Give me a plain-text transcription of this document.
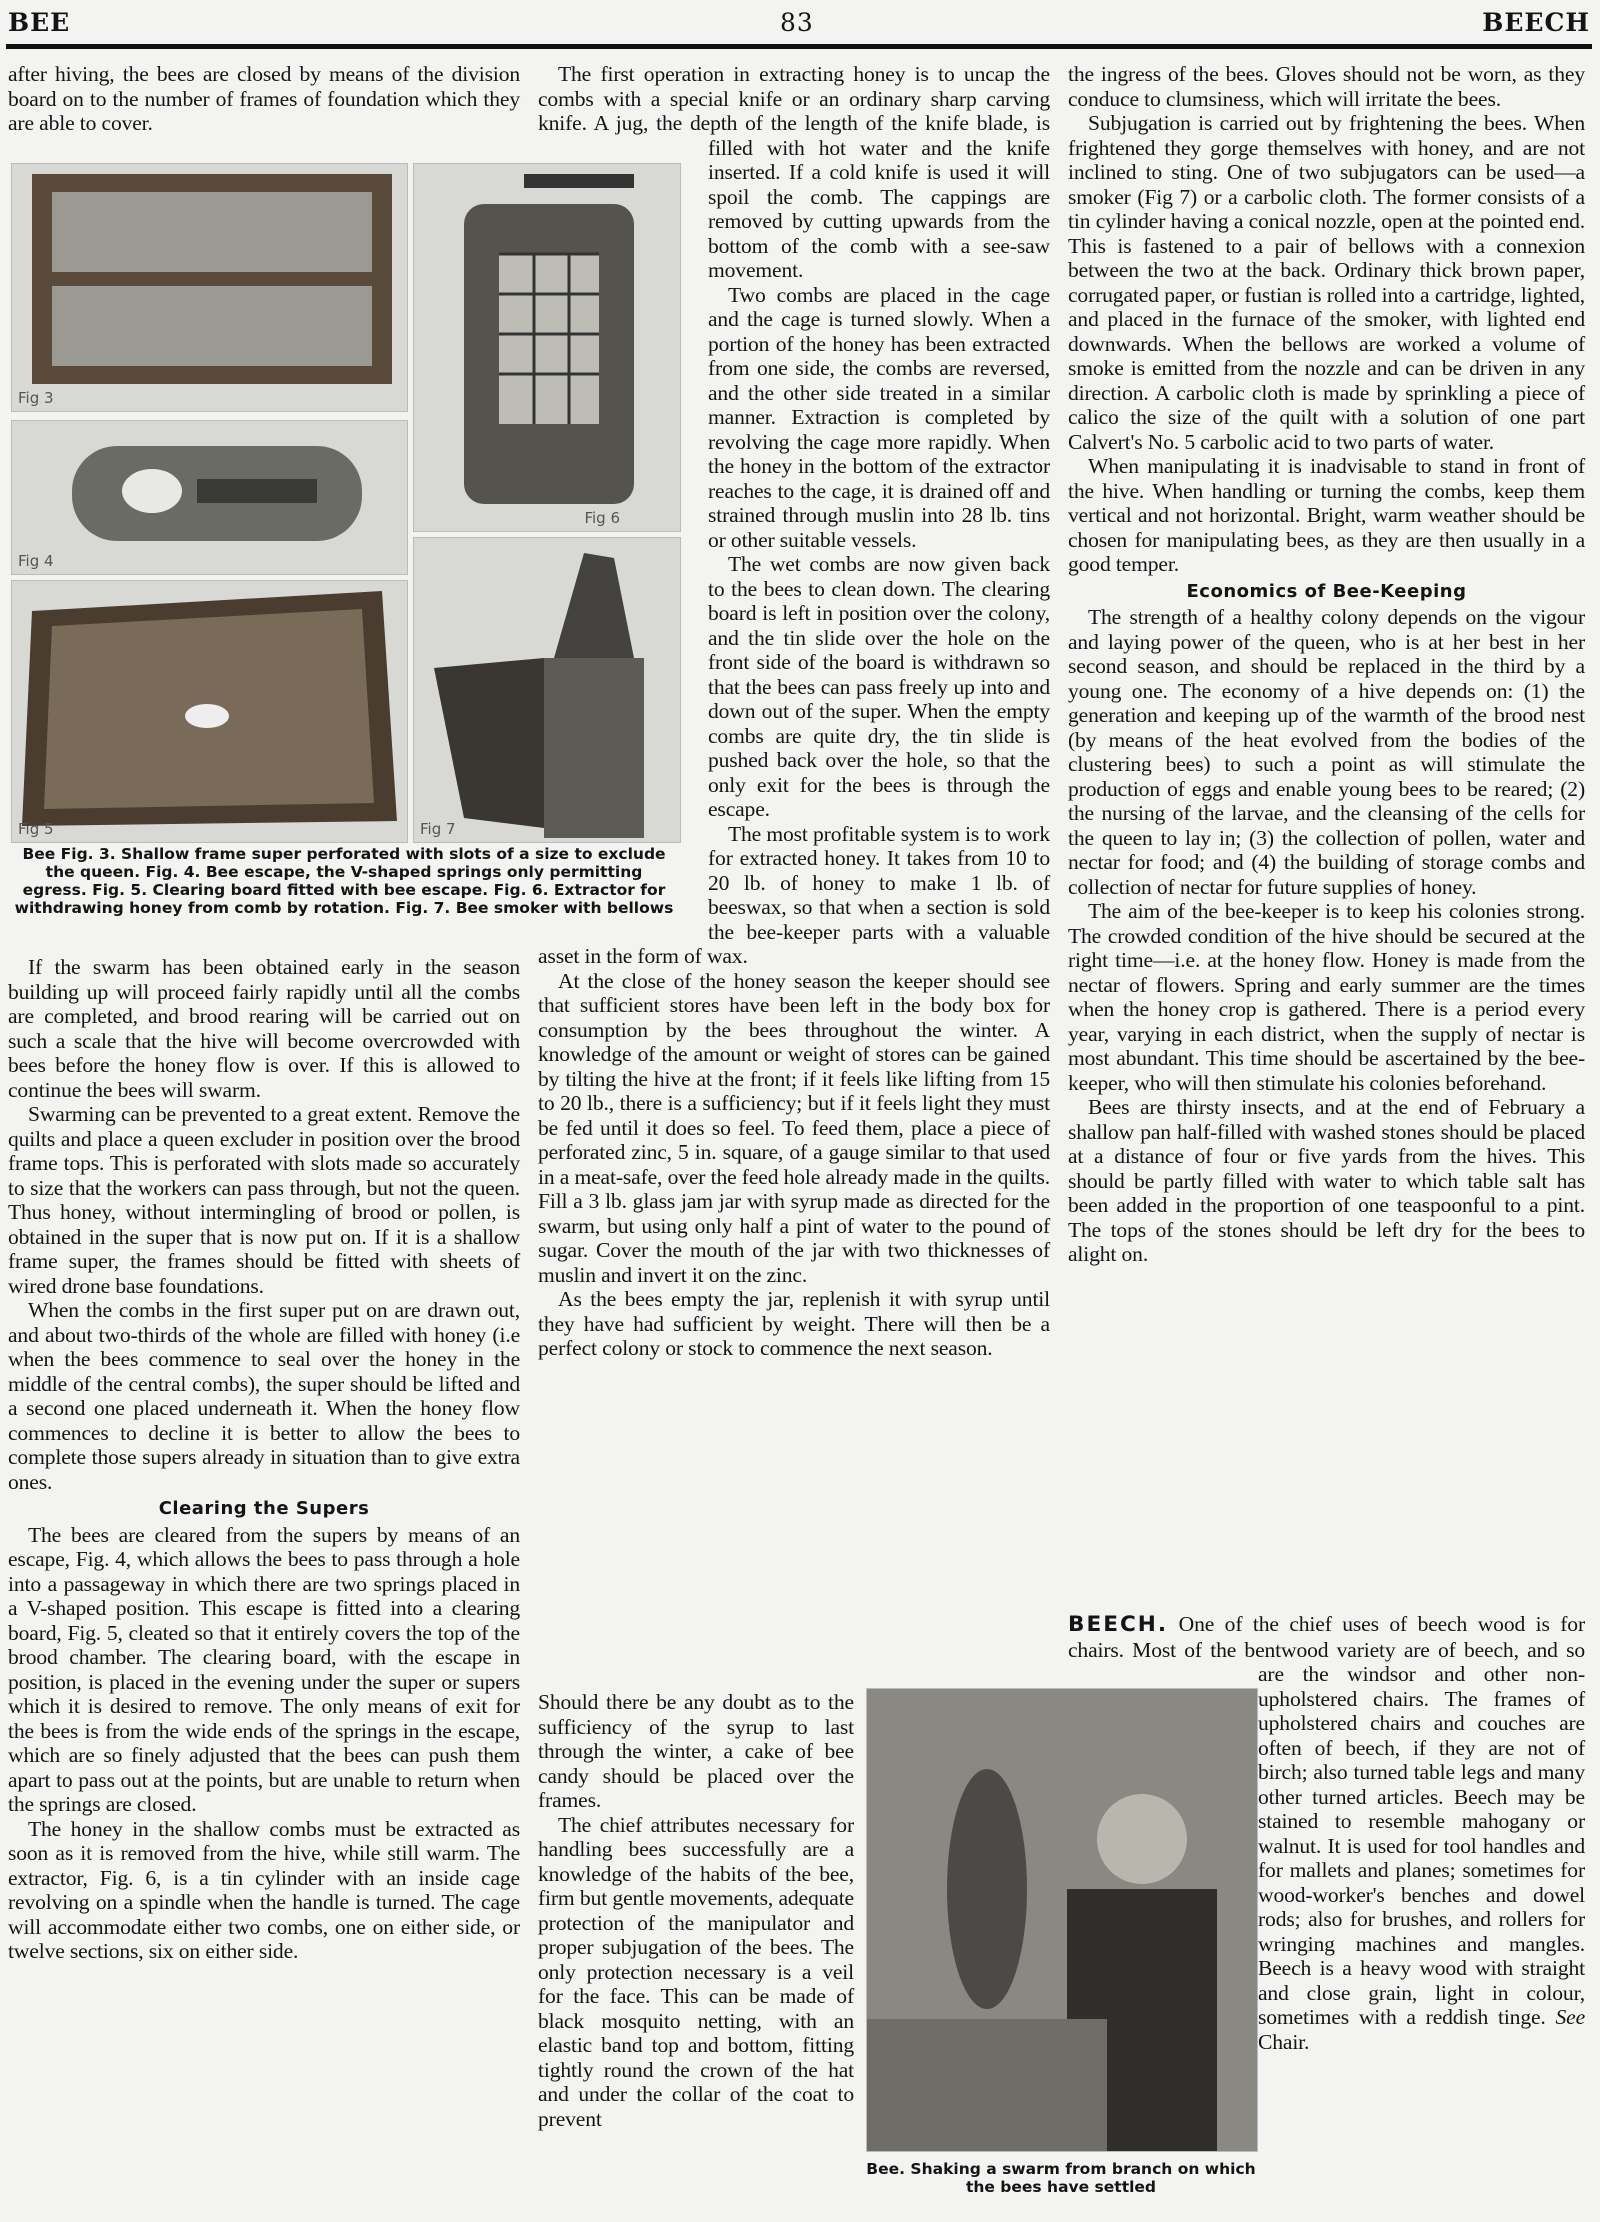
BEE	83	BEECH

after hiving, the bees are closed by means of the division board on to the number of frames of foundation which they are able to cover.

Fig 3
Fig 4
Fig 5
Fig 6
Fig 7
Bee Fig. 3. Shallow frame super perforated with slots of a size to exclude the queen. Fig. 4. Bee escape, the V-shaped springs only permitting egress. Fig. 5. Clearing board fitted with bee escape. Fig. 6. Extractor for withdrawing honey from comb by rotation. Fig. 7. Bee smoker with bellows

If the swarm has been obtained early in the season building up will proceed fairly rapidly until all the combs are completed, and brood rearing will be carried out on such a scale that the hive will become overcrowded with bees before the honey flow is over. If this is allowed to continue the bees will swarm.

Swarming can be prevented to a great extent. Remove the quilts and place a queen excluder in position over the brood frame tops. This is perforated with slots made so accurately to size that the workers can pass through, but not the queen. Thus honey, without intermingling of brood or pollen, is obtained in the super that is now put on. If it is a shallow frame super, the frames should be fitted with sheets of wired drone base foundations.

When the combs in the first super put on are drawn out, and about two-thirds of the whole are filled with honey (i.e when the bees commence to seal over the honey in the middle of the central combs), the super should be lifted and a second one placed underneath it. When the honey flow commences to decline it is better to allow the bees to complete those supers already in situation than to give extra ones.

Clearing the Supers

The bees are cleared from the supers by means of an escape, Fig. 4, which allows the bees to pass through a hole into a passageway in which there are two springs placed in a V-shaped position. This escape is fitted into a clearing board, Fig. 5, cleated so that it entirely covers the top of the brood chamber. The clearing board, with the escape in position, is placed in the evening under the super or supers which it is desired to remove. The only means of exit for the bees is from the wide ends of the springs in the escape, which are so finely adjusted that the bees can push them apart to pass out at the points, but are unable to return when the springs are closed.

The honey in the shallow combs must be extracted as soon as it is removed from the hive, while still warm. The extractor, Fig. 6, is a tin cylinder with an inside cage revolving on a spindle when the handle is turned. The cage will accommodate either two combs, one on either side, or twelve sections, six on either side.

The first operation in extracting honey is to uncap the combs with a special knife or an ordinary sharp carving knife. A jug, the depth of the length of the knife blade, is filled with hot water and the knife inserted. If a cold knife is used it will spoil the comb. The cappings are removed by cutting upwards from the bottom of the comb with a see-saw movement.

Two combs are placed in the cage and the cage is turned slowly. When a portion of the honey has been extracted from one side, the combs are reversed, and the other side treated in a similar manner. Extraction is completed by revolving the cage more rapidly. When the honey in the bottom of the extractor reaches to the cage, it is drained off and strained through muslin into 28 lb. tins or other suitable vessels.

The wet combs are now given back to the bees to clean down. The clearing board is left in position over the colony, and the tin slide over the hole on the front side of the board is withdrawn so that the bees can pass freely up into and down out of the super. When the empty combs are quite dry, the tin slide is pushed back over the hole, so that the only exit for the bees is through the escape.

The most profitable system is to work for extracted honey. It takes from 10 to 20 lb. of honey to make 1 lb. of beeswax, so that when a section is sold the bee-keeper parts with a valuable asset in the form of wax.

At the close of the honey season the keeper should see that sufficient stores have been left in the body box for consumption by the bees throughout the winter. A knowledge of the amount or weight of stores can be gained by tilting the hive at the front; if it feels like lifting from 15 to 20 lb., there is a sufficiency; but if it feels light they must be fed until it does so feel. To feed them, place a piece of perforated zinc, 5 in. square, of a gauge similar to that used in a meat-safe, over the feed hole already made in the quilts. Fill a 3 lb. glass jam jar with syrup made as directed for the swarm, but using only half a pint of water to the pound of sugar. Cover the mouth of the jar with two thicknesses of muslin and invert it on the zinc.

As the bees empty the jar, replenish it with syrup until they have had sufficient by weight. There will then be a perfect colony or stock to commence the next season.

Should there be any doubt as to the sufficiency of the syrup to last through the winter, a cake of bee candy should be placed over the frames.

The chief attributes necessary for handling bees successfully are a knowledge of the habits of the bee, firm but gentle movements, adequate protection of the manipulator and proper subjugation of the bees. The only protection necessary is a veil for the face. This can be made of black mosquito netting, with an elastic band top and bottom, fitting tightly round the crown of the hat and under the collar of the coat to prevent

Bee. Shaking a swarm from branch on which the bees have settled

the ingress of the bees. Gloves should not be worn, as they conduce to clumsiness, which will irritate the bees.

Subjugation is carried out by frightening the bees. When frightened they gorge themselves with honey, and are not inclined to sting. One of two subjugators can be used—a smoker (Fig 7) or a carbolic cloth. The former consists of a tin cylinder having a conical nozzle, open at the pointed end. This is fastened to a pair of bellows with a connexion between the two at the back. Ordinary thick brown paper, corrugated paper, or fustian is rolled into a cartridge, lighted, and placed in the furnace of the smoker, with lighted end downwards. When the bellows are worked a volume of smoke is emitted from the nozzle and can be driven in any direction. A carbolic cloth is made by sprinkling a piece of calico the size of the quilt with a solution of one part Calvert's No. 5 carbolic acid to two parts of water.

When manipulating it is inadvisable to stand in front of the hive. When handling or turning the combs, keep them vertical and not horizontal. Bright, warm weather should be chosen for manipulating bees, as they are then usually in a good temper.

Economics of Bee-Keeping

The strength of a healthy colony depends on the vigour and laying power of the queen, who is at her best in her second season, and should be replaced in the third by a young one. The economy of a hive depends on: (1) the generation and keeping up of the warmth of the brood nest (by means of the heat evolved from the bodies of the clustering bees) to such a point as will stimulate the production of eggs and enable young bees to be reared; (2) the nursing of the larvae, and the cleansing of the cells for the queen to lay in; (3) the collection of pollen, water and nectar for food; and (4) the building of storage combs and collection of nectar for future supplies of honey.

The aim of the bee-keeper is to keep his colonies strong. The crowded condition of the hive should be secured at the right time—i.e. at the honey flow. Honey is made from the nectar of flowers. Spring and early summer are the times when the honey crop is gathered. There is a period every year, varying in each district, when the supply of nectar is most abundant. This time should be ascertained by the bee-keeper, who will then stimulate his colonies beforehand.

Bees are thirsty insects, and at the end of February a shallow pan half-filled with washed stones should be placed at a distance of four or five yards from the hives. This should be partly filled with water to which table salt has been added in the proportion of one teaspoonful to a pint. The tops of the stones should be left dry for the bees to alight on.

BEECH. One of the chief uses of beech wood is for chairs. Most of the bentwood variety are of beech, and so are the windsor and other non-upholstered chairs. The frames of upholstered chairs and couches are often of beech, if they are not of birch; also turned table legs and many other turned articles. Beech may be stained to resemble mahogany or walnut. It is used for tool handles and for mallets and planes; sometimes for wood-worker's benches and dowel rods; also for brushes, and rollers for wringing machines and mangles. Beech is a heavy wood with straight and close grain, light in colour, sometimes with a reddish tinge. See Chair.
